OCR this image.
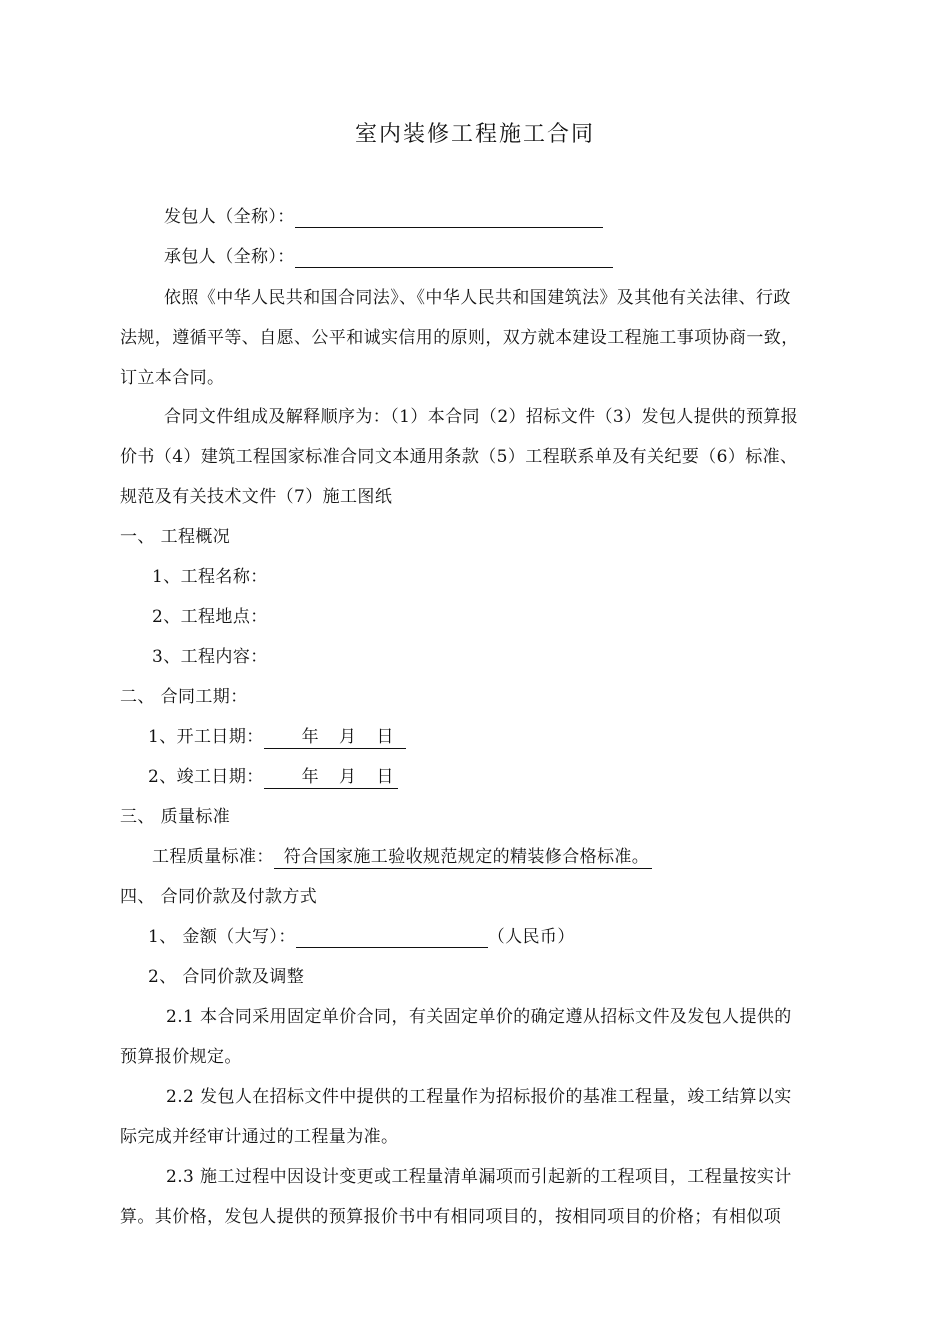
室内装修工程施工合同
发包人（全称）：
承包人（全称）：
依照《中华人民共和国合同法》、《中华人民共和国建筑法》及其他有关法律、行政
法规，遵循平等、自愿、公平和诚实信用的原则，双方就本建设工程施工事项协商一致，
订立本合同。
合同文件组成及解释顺序为：（1）本合同（2）招标文件（3）发包人提供的预算报
价书（4）建筑工程国家标准合同文本通用条款（5）工程联系单及有关纪要（6）标准、
规范及有关技术文件（7）施工图纸
一、 工程概况
1、工程名称：
2、工程地点：
3、工程内容：
二、 合同工期：
1、开工日期： 年 月 日
2、竣工日期： 年 月 日
三、 质量标准
工程质量标准： 符合国家施工验收规范规定的精装修合格标准。
四、 合同价款及付款方式
1、 金额（大写）：	（人民币）
2、 合同价款及调整
2.1 本合同采用固定单价合同，有关固定单价的确定遵从招标文件及发包人提供的
预算报价规定。
2.2 发包人在招标文件中提供的工程量作为招标报价的基准工程量，竣工结算以实
际完成并经审计通过的工程量为准。
2.3 施工过程中因设计变更或工程量清单漏项而引起新的工程项目，工程量按实计
算。其价格，发包人提供的预算报价书中有相同项目的，按相同项目的价格；有相似项
